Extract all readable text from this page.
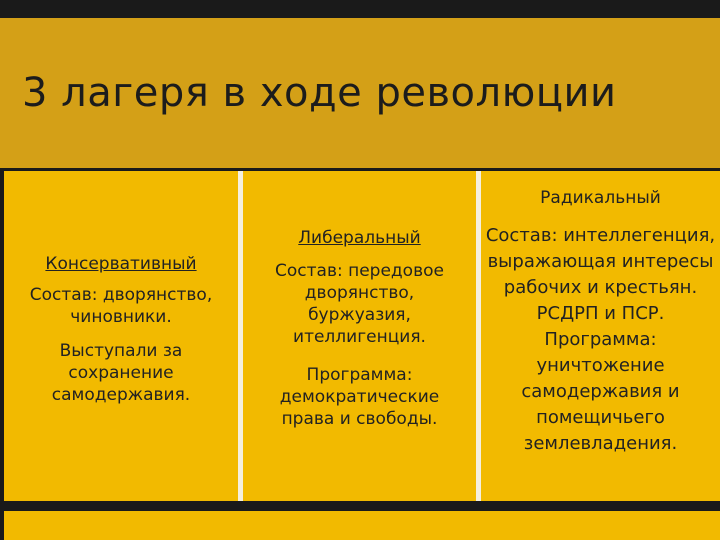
3 лагеря в ходе революции

Консервативный

Состав: дворянство, чиновники.

Выступали за сохранение самодержавия.

Либеральный

Состав: передовое дворянство, буржуазия, ителлигенция.

Программа: демократические права и свободы.

Радикальный

Состав: интеллегенция, выражающая интересы рабочих и крестьян. РСДРП и ПСР. Программа: уничтожение самодержавия и помещичьего землевладения.
